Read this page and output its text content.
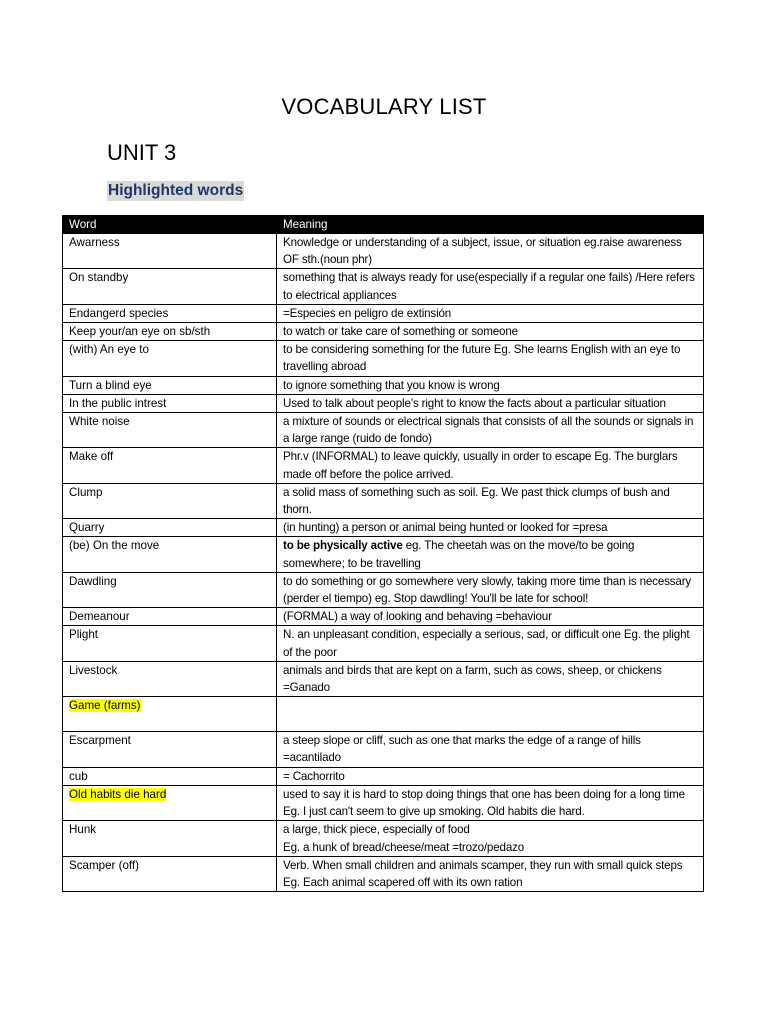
VOCABULARY LIST
UNIT 3
Highlighted words
Word	Meaning
Awarness	Knowledge or understanding of a subject, issue, or situation eg.raise awareness OF sth.(noun phr)
On standby	something that is always ready for use(especially if a regular one fails) /Here refers to electrical appliances
Endangerd species	=Especies en peligro de extinsión
Keep your/an eye on sb/sth	to watch or take care of something or someone
(with) An eye to	to be considering something for the future Eg. She learns English with an eye to travelling abroad
Turn a blind eye	to ignore something that you know is wrong
In the public intrest	Used to talk about people’s right to know the facts about a particular situation
White noise	a mixture of sounds or electrical signals that consists of all the sounds or signals in a large range (ruido de fondo)
Make off	Phr.v (INFORMAL) to leave quickly, usually in order to escape Eg. The burglars made off before the police arrived.
Clump	a solid mass of something such as soil. Eg. We past thick clumps of bush and thorn.
Quarry	(in hunting) a person or animal being hunted or looked for =presa
(be) On the move	to be physically active eg. The cheetah was on the move/to be going somewhere; to be travelling
Dawdling	to do something or go somewhere very slowly, taking more time than is necessary (perder el tiempo) eg. Stop dawdling! You'll be late for school!
Demeanour	(FORMAL) a way of looking and behaving =behaviour
Plight	N. an unpleasant condition, especially a serious, sad, or difficult one Eg. the plight of the poor
Livestock	animals and birds that are kept on a farm, such as cows, sheep, or chickens =Ganado
Game (farms)	
Escarpment	a steep slope or cliff, such as one that marks the edge of a range of hills =acantilado
cub	= Cachorrito
Old habits die hard	used to say it is hard to stop doing things that one has been doing for a long time
Eg. I just can't seem to give up smoking. Old habits die hard.

Hunk	a large, thick piece, especially of food
Eg. a hunk of bread/cheese/meat =trozo/pedazo

Scamper (off)	Verb. When small children and animals scamper, they run with small quick steps Eg. Each animal scapered off with its own ration
